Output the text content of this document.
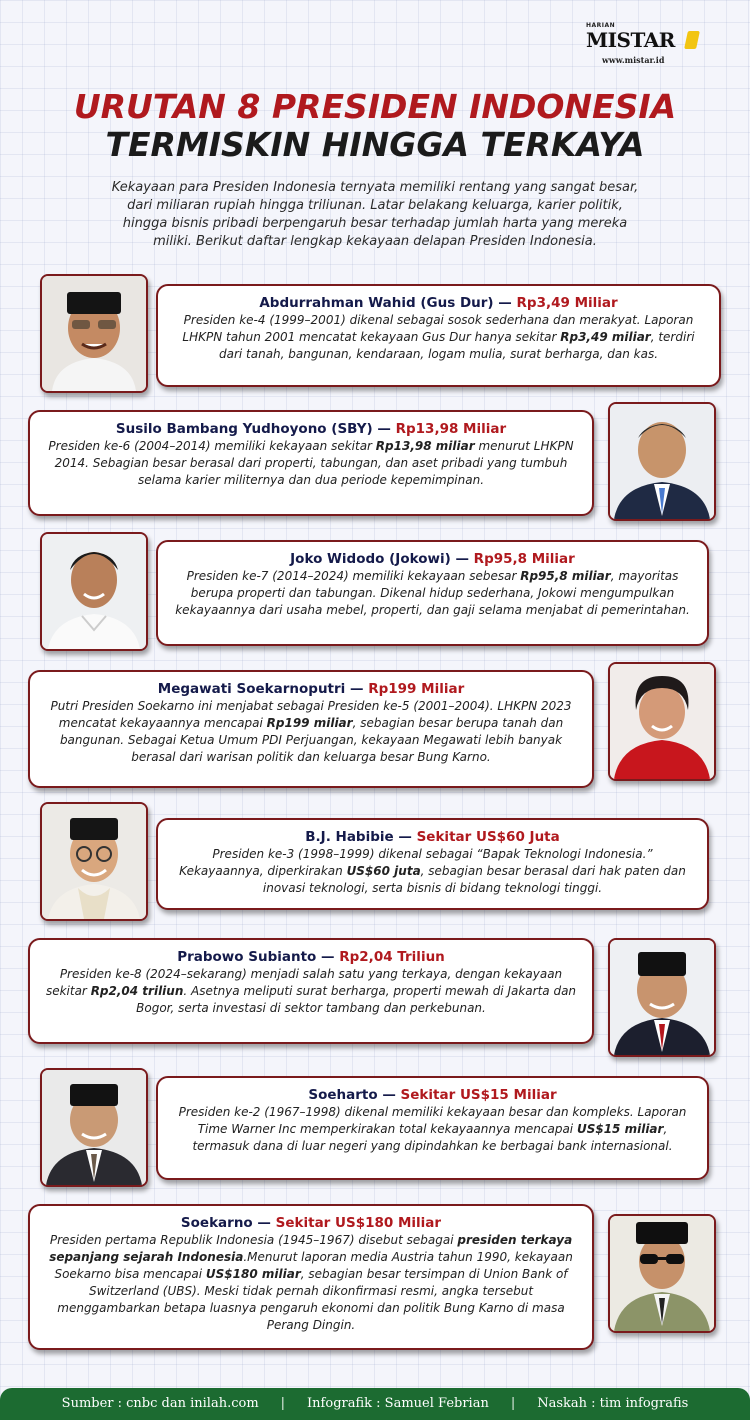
HARIAN
MISTAR
www.mistar.id
URUTAN 8 PRESIDEN INDONESIA
TERMISKIN HINGGA TERKAYA
Kekayaan para Presiden Indonesia ternyata memiliki rentang yang sangat besar, dari miliaran rupiah hingga triliunan. Latar belakang keluarga, karier politik, hingga bisnis pribadi berpengaruh besar terhadap jumlah harta yang mereka miliki. Berikut daftar lengkap kekayaan delapan Presiden Indonesia.
Abdurrahman Wahid (Gus Dur) — Rp3,49 Miliar
Presiden ke-4 (1999–2001) dikenal sebagai sosok sederhana dan merakyat. Laporan LHKPN tahun 2001 mencatat kekayaan Gus Dur hanya sekitar Rp3,49 miliar, terdiri dari tanah, bangunan, kendaraan, logam mulia, surat berharga, dan kas.
Susilo Bambang Yudhoyono (SBY) — Rp13,98 Miliar
Presiden ke-6 (2004–2014) memiliki kekayaan sekitar Rp13,98 miliar menurut LHKPN 2014. Sebagian besar berasal dari properti, tabungan, dan aset pribadi yang tumbuh selama karier militernya dan dua periode kepemimpinan.
Joko Widodo (Jokowi) — Rp95,8 Miliar
Presiden ke-7 (2014–2024) memiliki kekayaan sebesar Rp95,8 miliar, mayoritas berupa properti dan tabungan. Dikenal hidup sederhana, Jokowi mengumpulkan kekayaannya dari usaha mebel, properti, dan gaji selama menjabat di pemerintahan.
Megawati Soekarnoputri — Rp199 Miliar
Putri Presiden Soekarno ini menjabat sebagai Presiden ke-5 (2001–2004). LHKPN 2023 mencatat kekayaannya mencapai Rp199 miliar, sebagian besar berupa tanah dan bangunan. Sebagai Ketua Umum PDI Perjuangan, kekayaan Megawati lebih banyak berasal dari warisan politik dan keluarga besar Bung Karno.
B.J. Habibie — Sekitar US$60 Juta
Presiden ke-3 (1998–1999) dikenal sebagai “Bapak Teknologi Indonesia.” Kekayaannya, diperkirakan US$60 juta, sebagian besar berasal dari hak paten dan inovasi teknologi, serta bisnis di bidang teknologi tinggi.
Prabowo Subianto — Rp2,04 Triliun
Presiden ke-8 (2024–sekarang) menjadi salah satu yang terkaya, dengan kekayaan sekitar Rp2,04 triliun. Asetnya meliputi surat berharga, properti mewah di Jakarta dan Bogor, serta investasi di sektor tambang dan perkebunan.
Soeharto — Sekitar US$15 Miliar
Presiden ke-2 (1967–1998) dikenal memiliki kekayaan besar dan kompleks. Laporan Time Warner Inc memperkirakan total kekayaannya mencapai US$15 miliar, termasuk dana di luar negeri yang dipindahkan ke berbagai bank internasional.
Soekarno — Sekitar US$180 Miliar
Presiden pertama Republik Indonesia (1945–1967) disebut sebagai presiden terkaya sepanjang sejarah Indonesia.Menurut laporan media Austria tahun 1990, kekayaan Soekarno bisa mencapai US$180 miliar, sebagian besar tersimpan di Union Bank of Switzerland (UBS). Meski tidak pernah dikonfirmasi resmi, angka tersebut menggambarkan betapa luasnya pengaruh ekonomi dan politik Bung Karno di masa Perang Dingin.
Sumber : cnbc dan inilah.com | Infografik : Samuel Febrian | Naskah : tim infografis
